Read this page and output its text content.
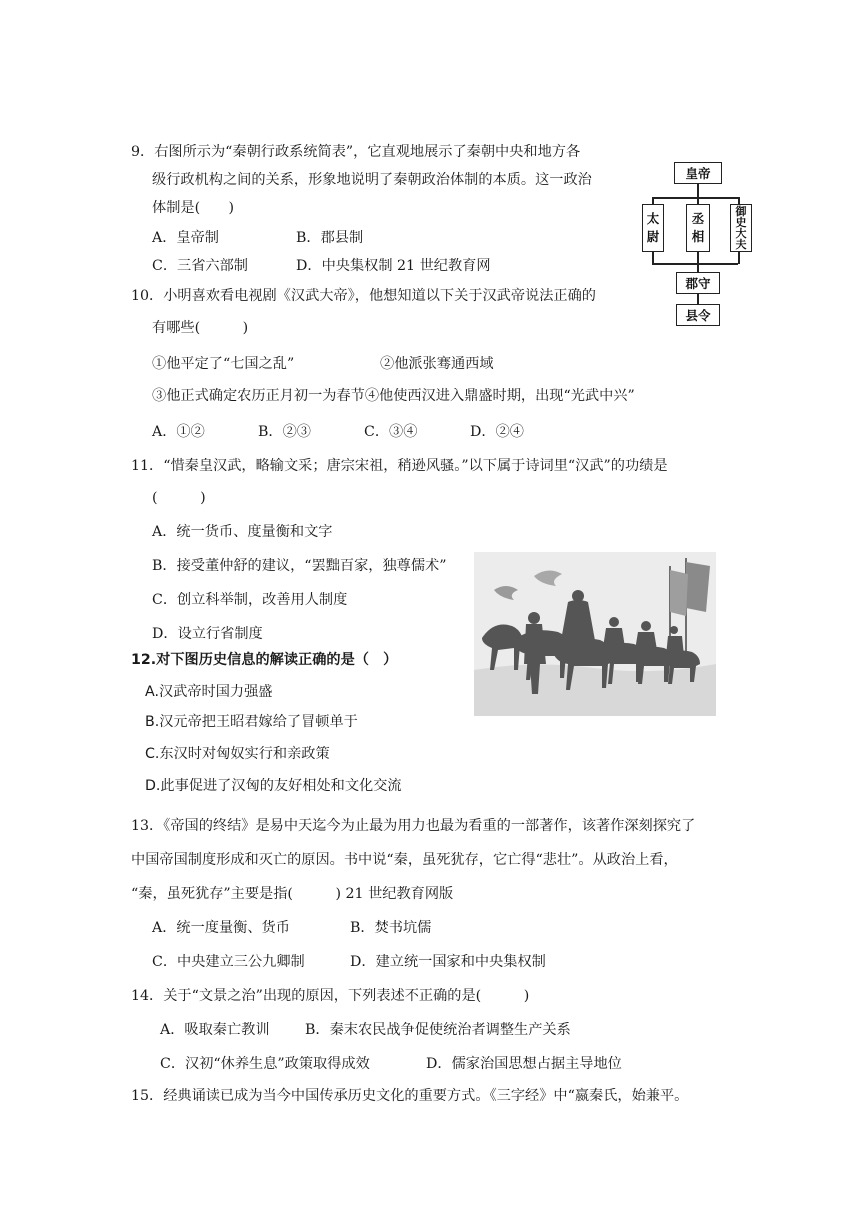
9．右图所示为“秦朝行政系统简表”，它直观地展示了秦朝中央和地方各
级行政机构之间的关系，形象地说明了秦朝政治体制的本质。这一政治
体制是(　　)
A．皇帝制	B．郡县制
C．三省六部制	D．中央集权制 21 世纪教育网
皇帝
太
尉
丞
相
御
史
大
夫
郡守
县令
10．小明喜欢看电视剧《汉武大帝》，他想知道以下关于汉武帝说法正确的
有哪些(　　　)
①他平定了“七国之乱”	②他派张骞通西域
③他正式确定农历正月初一为春节④他使西汉进入鼎盛时期，出现“光武中兴”
A．①②	B．②③	C．③④	D．②④
11．“惜秦皇汉武，略输文采；唐宗宋祖，稍逊风骚。”以下属于诗词里“汉武”的功绩是
(　　　)
A．统一货币、度量衡和文字
B．接受董仲舒的建议，“罢黜百家，独尊儒术”
C．创立科举制，改善用人制度
D．设立行省制度
12.对下图历史信息的解读正确的是（　）
A.汉武帝时国力强盛
B.汉元帝把王昭君嫁给了冒顿单于
C.东汉时对匈奴实行和亲政策
D.此事促进了汉匈的友好相处和文化交流
13．《帝国的终结》是易中天迄今为止最为用力也最为看重的一部著作，该著作深刻探究了
中国帝国制度形成和灭亡的原因。书中说“秦，虽死犹存，它亡得“悲壮”。从政治上看，
“秦，虽死犹存”主要是指(　　　) 21 世纪教育网版
A．统一度量衡、货币	B．焚书坑儒
C．中央建立三公九卿制	D．建立统一国家和中央集权制
14．关于“文景之治”出现的原因，下列表述不正确的是(　　　)
A．吸取秦亡教训 B．秦末农民战争促使统治者调整生产关系
C．汉初“休养生息”政策取得成效	D．儒家治国思想占据主导地位
15．经典诵读已成为当今中国传承历史文化的重要方式。《三字经》中“嬴秦氏，始兼平。
